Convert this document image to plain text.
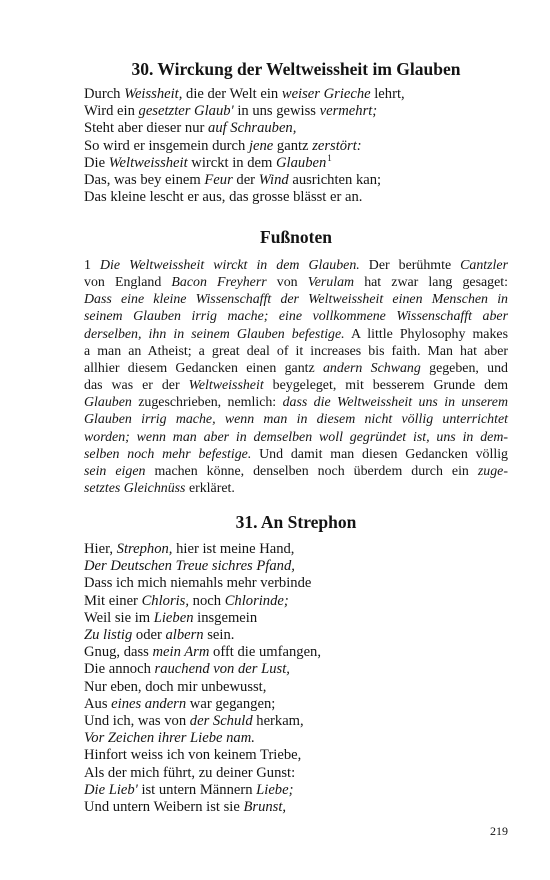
30. Wirckung der Weltweissheit im Glauben
Durch Weissheit, die der Welt ein weiser Grieche lehrt,
Wird ein gesetzter Glaub' in uns gewiss vermehrt;
Steht aber dieser nur auf Schrauben,
So wird er insgemein durch jene gantz zerstört:
Die Weltweissheit wirckt in dem Glauben$^1$
Das, was bey einem Feur der Wind ausrichten kan;
Das kleine lescht er aus, das grosse blässt er an.
Fußnoten
1 Die Weltweissheit wirckt in dem Glauben. Der berühmte Cantzler
von England Bacon Freyherr von Verulam hat zwar lang gesaget:
Dass eine kleine Wissenschafft der Weltweissheit einen Menschen in
seinem Glauben irrig mache; eine vollkommene Wissenschafft aber
derselben, ihn in seinem Glauben befestige. A little Phylosophy makes
a man an Atheist; a great deal of it increases bis faith. Man hat aber
allhier diesem Gedancken einen gantz andern Schwang gegeben, und
das was er der Weltweissheit beygeleget, mit besserem Grunde dem
Glauben zugeschrieben, nemlich: dass die Weltweissheit uns in unserem
Glauben irrig mache, wenn man in diesem nicht völlig unterrichtet
worden; wenn man aber in demselben woll gegründet ist, uns in dem-
selben noch mehr befestige. Und damit man diesen Gedancken völlig
sein eigen machen könne, denselben noch überdem durch ein zuge-
setztes Gleichnüss erkläret.
31. An Strephon
Hier, Strephon, hier ist meine Hand,
Der Deutschen Treue sichres Pfand,
Dass ich mich niemahls mehr verbinde
Mit einer Chloris, noch Chlorinde;
Weil sie im Lieben insgemein
Zu listig oder albern sein.
Gnug, dass mein Arm offt die umfangen,
Die annoch rauchend von der Lust,
Nur eben, doch mir unbewusst,
Aus eines andern war gegangen;
Und ich, was von der Schuld herkam,
Vor Zeichen ihrer Liebe nam.
Hinfort weiss ich von keinem Triebe,
Als der mich führt, zu deiner Gunst:
Die Lieb' ist untern Männern Liebe;
Und untern Weibern ist sie Brunst,
219
